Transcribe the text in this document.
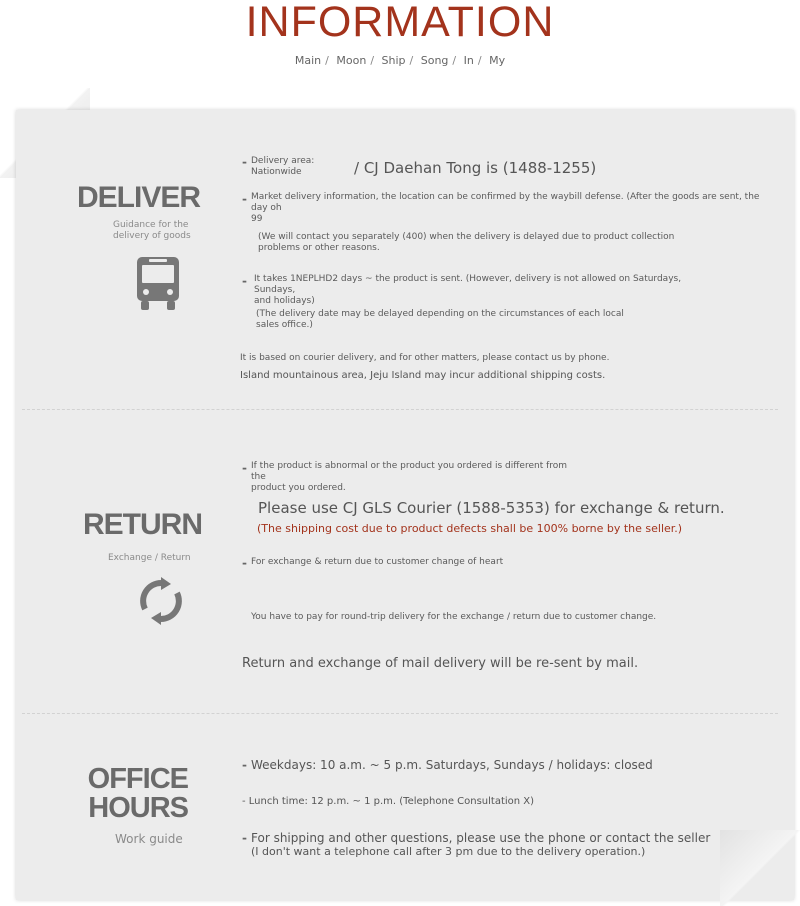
INFORMATION
Main / Moon / Ship / Song / In / My
DELIVER
Guidance for the
delivery of goods
- Delivery area:
Nationwide	/ CJ Daehan Tong is (1488-1255)
- Market delivery information, the location can be confirmed by the waybill defense. (After the goods are sent, the day oh
99
(We will contact you separately (400) when the delivery is delayed due to product collection
problems or other reasons.
- It takes 1NEPLHD2 days ~ the product is sent. (However, delivery is not allowed on Saturdays, Sundays,
and holidays)
(The delivery date may be delayed depending on the circumstances of each local
sales office.)
It is based on courier delivery, and for other matters, please contact us by phone.
Island mountainous area, Jeju Island may incur additional shipping costs.
RETURN
Exchange / Return
- If the product is abnormal or the product you ordered is different from the
product you ordered.
Please use CJ GLS Courier (1588-5353) for exchange & return.
(The shipping cost due to product defects shall be 100% borne by the seller.)
- For exchange & return due to customer change of heart
You have to pay for round-trip delivery for the exchange / return due to customer change.
Return and exchange of mail delivery will be re-sent by mail.
OFFICE
HOURS
Work guide
- Weekdays: 10 a.m. ~ 5 p.m. Saturdays, Sundays / holidays: closed
- Lunch time: 12 p.m. ~ 1 p.m. (Telephone Consultation X)
- For shipping and other questions, please use the phone or contact the seller
(I don't want a telephone call after 3 pm due to the delivery operation.)
